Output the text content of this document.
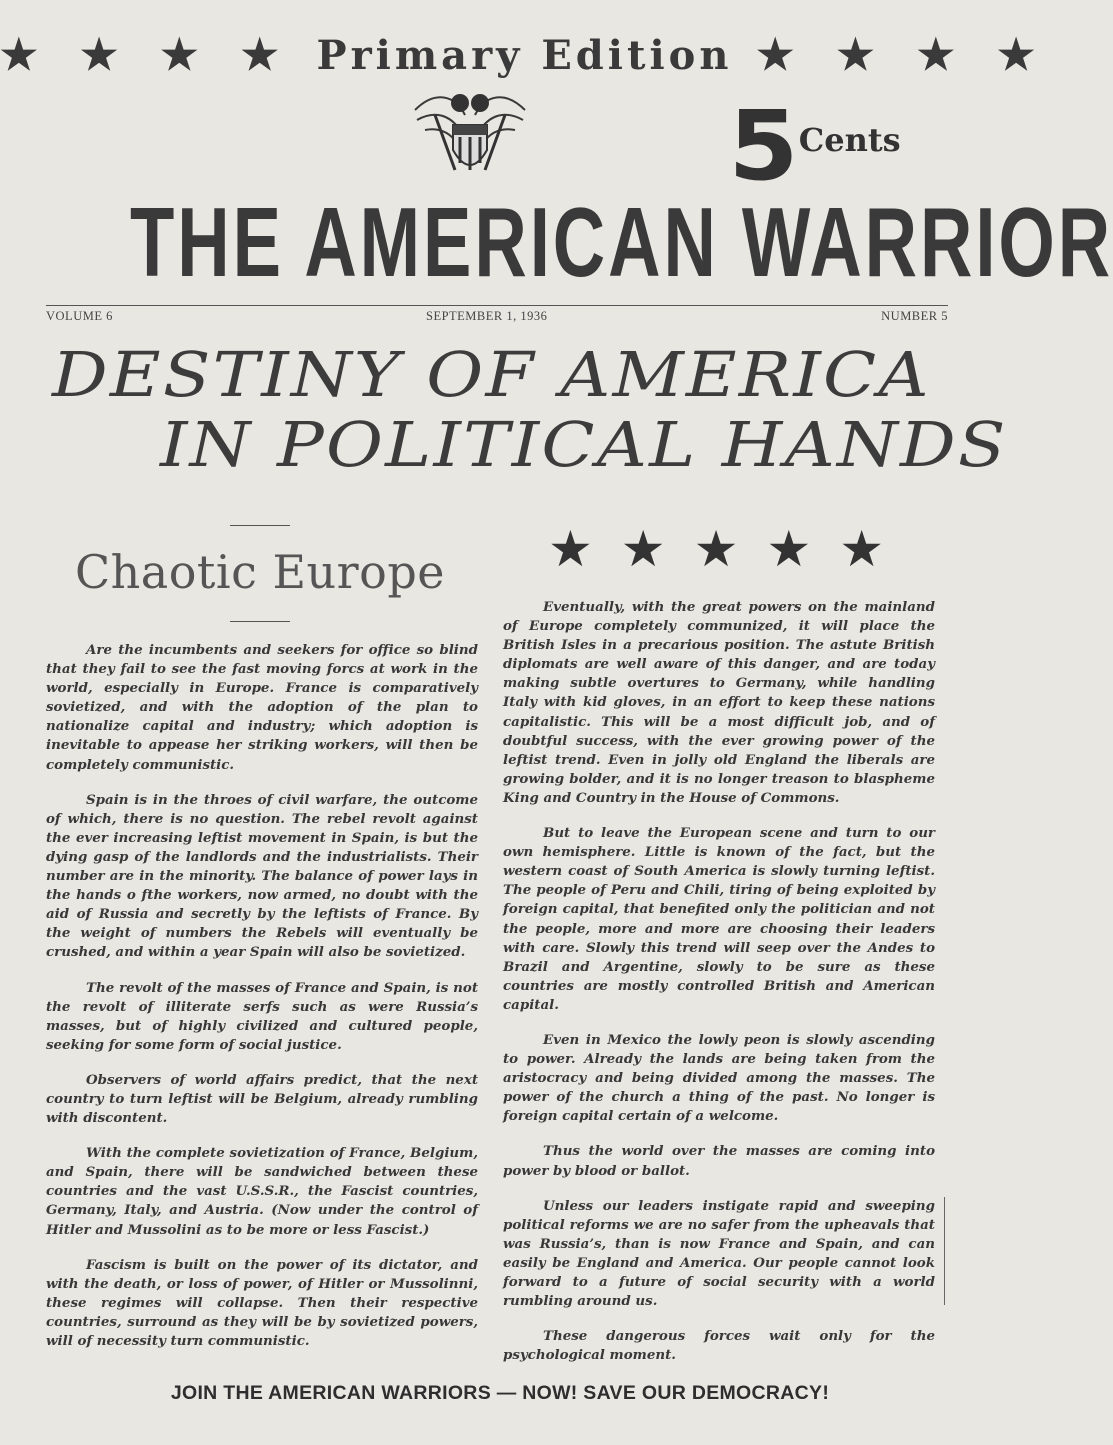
★ ★ ★ ★ Primary Edition ★ ★ ★ ★
5Cents
THE AMERICAN WARRIOR
VOLUME 6	SEPTEMBER 1, 1936	NUMBER 5
DESTINY OF AMERICA
IN POLITICAL HANDS
Chaotic Europe	★★★★★

Are the incumbents and seekers for office so blind that they fail to see the fast moving forcs at work in the world, especially in Europe. France is comparatively sovietized, and with the adoption of the plan to nationalize capital and industry; which adoption is inevitable to appease her striking workers, will then be completely communistic.

Spain is in the throes of civil warfare, the outcome of which, there is no question. The rebel revolt against the ever increasing leftist movement in Spain, is but the dying gasp of the landlords and the industrialists. Their number are in the minority. The balance of power lays in the hands o fthe workers, now armed, no doubt with the aid of Russia and secretly by the leftists of France. By the weight of numbers the Rebels will eventually be crushed, and within a year Spain will also be sovietized.

The revolt of the masses of France and Spain, is not the revolt of illiterate serfs such as were Russia’s masses, but of highly civilized and cultured people, seeking for some form of social justice.

Observers of world affairs predict, that the next country to turn leftist will be Belgium, already rumbling with discontent.

With the complete sovietization of France, Belgium, and Spain, there will be sandwiched between these countries and the vast U.S.S.R., the Fascist countries, Germany, Italy, and Austria. (Now under the control of Hitler and Mussolini as to be more or less Fascist.)

Fascism is built on the power of its dictator, and with the death, or loss of power, of Hitler or Mussolinni, these regimes will collapse. Then their respective countries, surround as they will be by sovietized powers, will of necessity turn communistic.

Eventually, with the great powers on the mainland of Europe completely communized, it will place the British Isles in a precarious position. The astute British diplomats are well aware of this danger, and are today making subtle overtures to Germany, while handling Italy with kid gloves, in an effort to keep these nations capitalistic. This will be a most difficult job, and of doubtful success, with the ever growing power of the leftist trend. Even in jolly old England the liberals are growing bolder, and it is no longer treason to blaspheme King and Country in the House of Commons.

But to leave the European scene and turn to our own hemisphere. Little is known of the fact, but the western coast of South America is slowly turning leftist. The people of Peru and Chili, tiring of being exploited by foreign capital, that benefited only the politician and not the people, more and more are choosing their leaders with care. Slowly this trend will seep over the Andes to Brazil and Argentine, slowly to be sure as these countries are mostly controlled British and American capital.

Even in Mexico the lowly peon is slowly ascending to power. Already the lands are being taken from the aristocracy and being divided among the masses. The power of the church a thing of the past. No longer is foreign capital certain of a welcome.

Thus the world over the masses are coming into power by blood or ballot.

Unless our leaders instigate rapid and sweeping political reforms we are no safer from the upheavals that was Russia’s, than is now France and Spain, and can easily be England and America. Our people cannot look forward to a future of social security with a world rumbling around us.

These dangerous forces wait only for the psychological moment.

JOIN THE AMERICAN WARRIORS — NOW! SAVE OUR DEMOCRACY!
